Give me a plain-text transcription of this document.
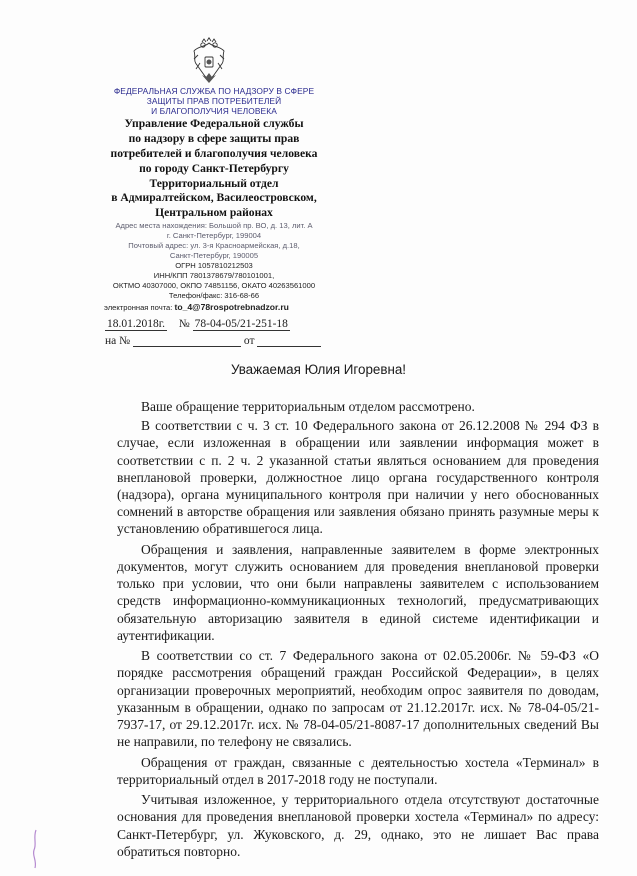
ФЕДЕРАЛЬНАЯ СЛУЖБА ПО НАДЗОРУ В СФЕРЕ
ЗАЩИТЫ ПРАВ ПОТРЕБИТЕЛЕЙ
И БЛАГОПОЛУЧИЯ ЧЕЛОВЕКА
Управление Федеральной службы
по надзору в сфере защиты прав
потребителей и благополучия человека
по городу Санкт-Петербургу
Территориальный отдел
в Адмиралтейском, Василеостровском,
Центральном районах
Адрес места нахождения: Большой пр. ВО, д. 13, лит. А
г. Санкт-Петербург, 199004
Почтовый адрес: ул. 3-я Красноармейская, д.18,
Санкт-Петербург, 190005
ОГРН 1057810212503
ИНН/КПП 7801378679/780101001,
ОКТМО 40307000, ОКПО 74851156, ОКАТО 40263561000
Телефон/факс: 316-68-66
электронная почта: to_4@78rospotrebnadzor.ru
18.01.2018г. № 78-04-05/21-251-18
на №	от
Уважаемая Юлия Игоревна!

Ваше обращение территориальным отделом рассмотрено.

В соответствии с ч. 3 ст. 10 Федерального закона от 26.12.2008 № 294 ФЗ в случае, если изложенная в обращении или заявлении информация может в соответствии с п. 2 ч. 2 указанной статьи являться основанием для проведения внеплановой проверки, должностное лицо органа государственного контроля (надзора), органа муниципального контроля при наличии у него обоснованных сомнений в авторстве обращения или заявления обязано принять разумные меры к установлению обратившегося лица.

Обращения и заявления, направленные заявителем в форме электронных документов, могут служить основанием для проведения внеплановой проверки только при условии, что они были направлены заявителем с использованием средств информационно-коммуникационных технологий, предусматривающих обязательную авторизацию заявителя в единой системе идентификации и аутентификации.

В соответствии со ст. 7 Федерального закона от 02.05.2006г. № 59-ФЗ «О порядке рассмотрения обращений граждан Российской Федерации», в целях организации проверочных мероприятий, необходим опрос заявителя по доводам, указанным в обращении, однако по запросам от 21.12.2017г. исх. № 78-04-05/21-7937-17, от 29.12.2017г. исх. № 78-04-05/21-8087-17 дополнительных сведений Вы не направили, по телефону не связались.

Обращения от граждан, связанные с деятельностью хостела «Терминал» в территориальный отдел в 2017-2018 году не поступали.

Учитывая изложенное, у территориального отдела отсутствуют достаточные основания для проведения внеплановой проверки хостела «Терминал» по адресу: Санкт-Петербург, ул. Жуковского, д. 29, однако, это не лишает Вас права обратиться повторно.
